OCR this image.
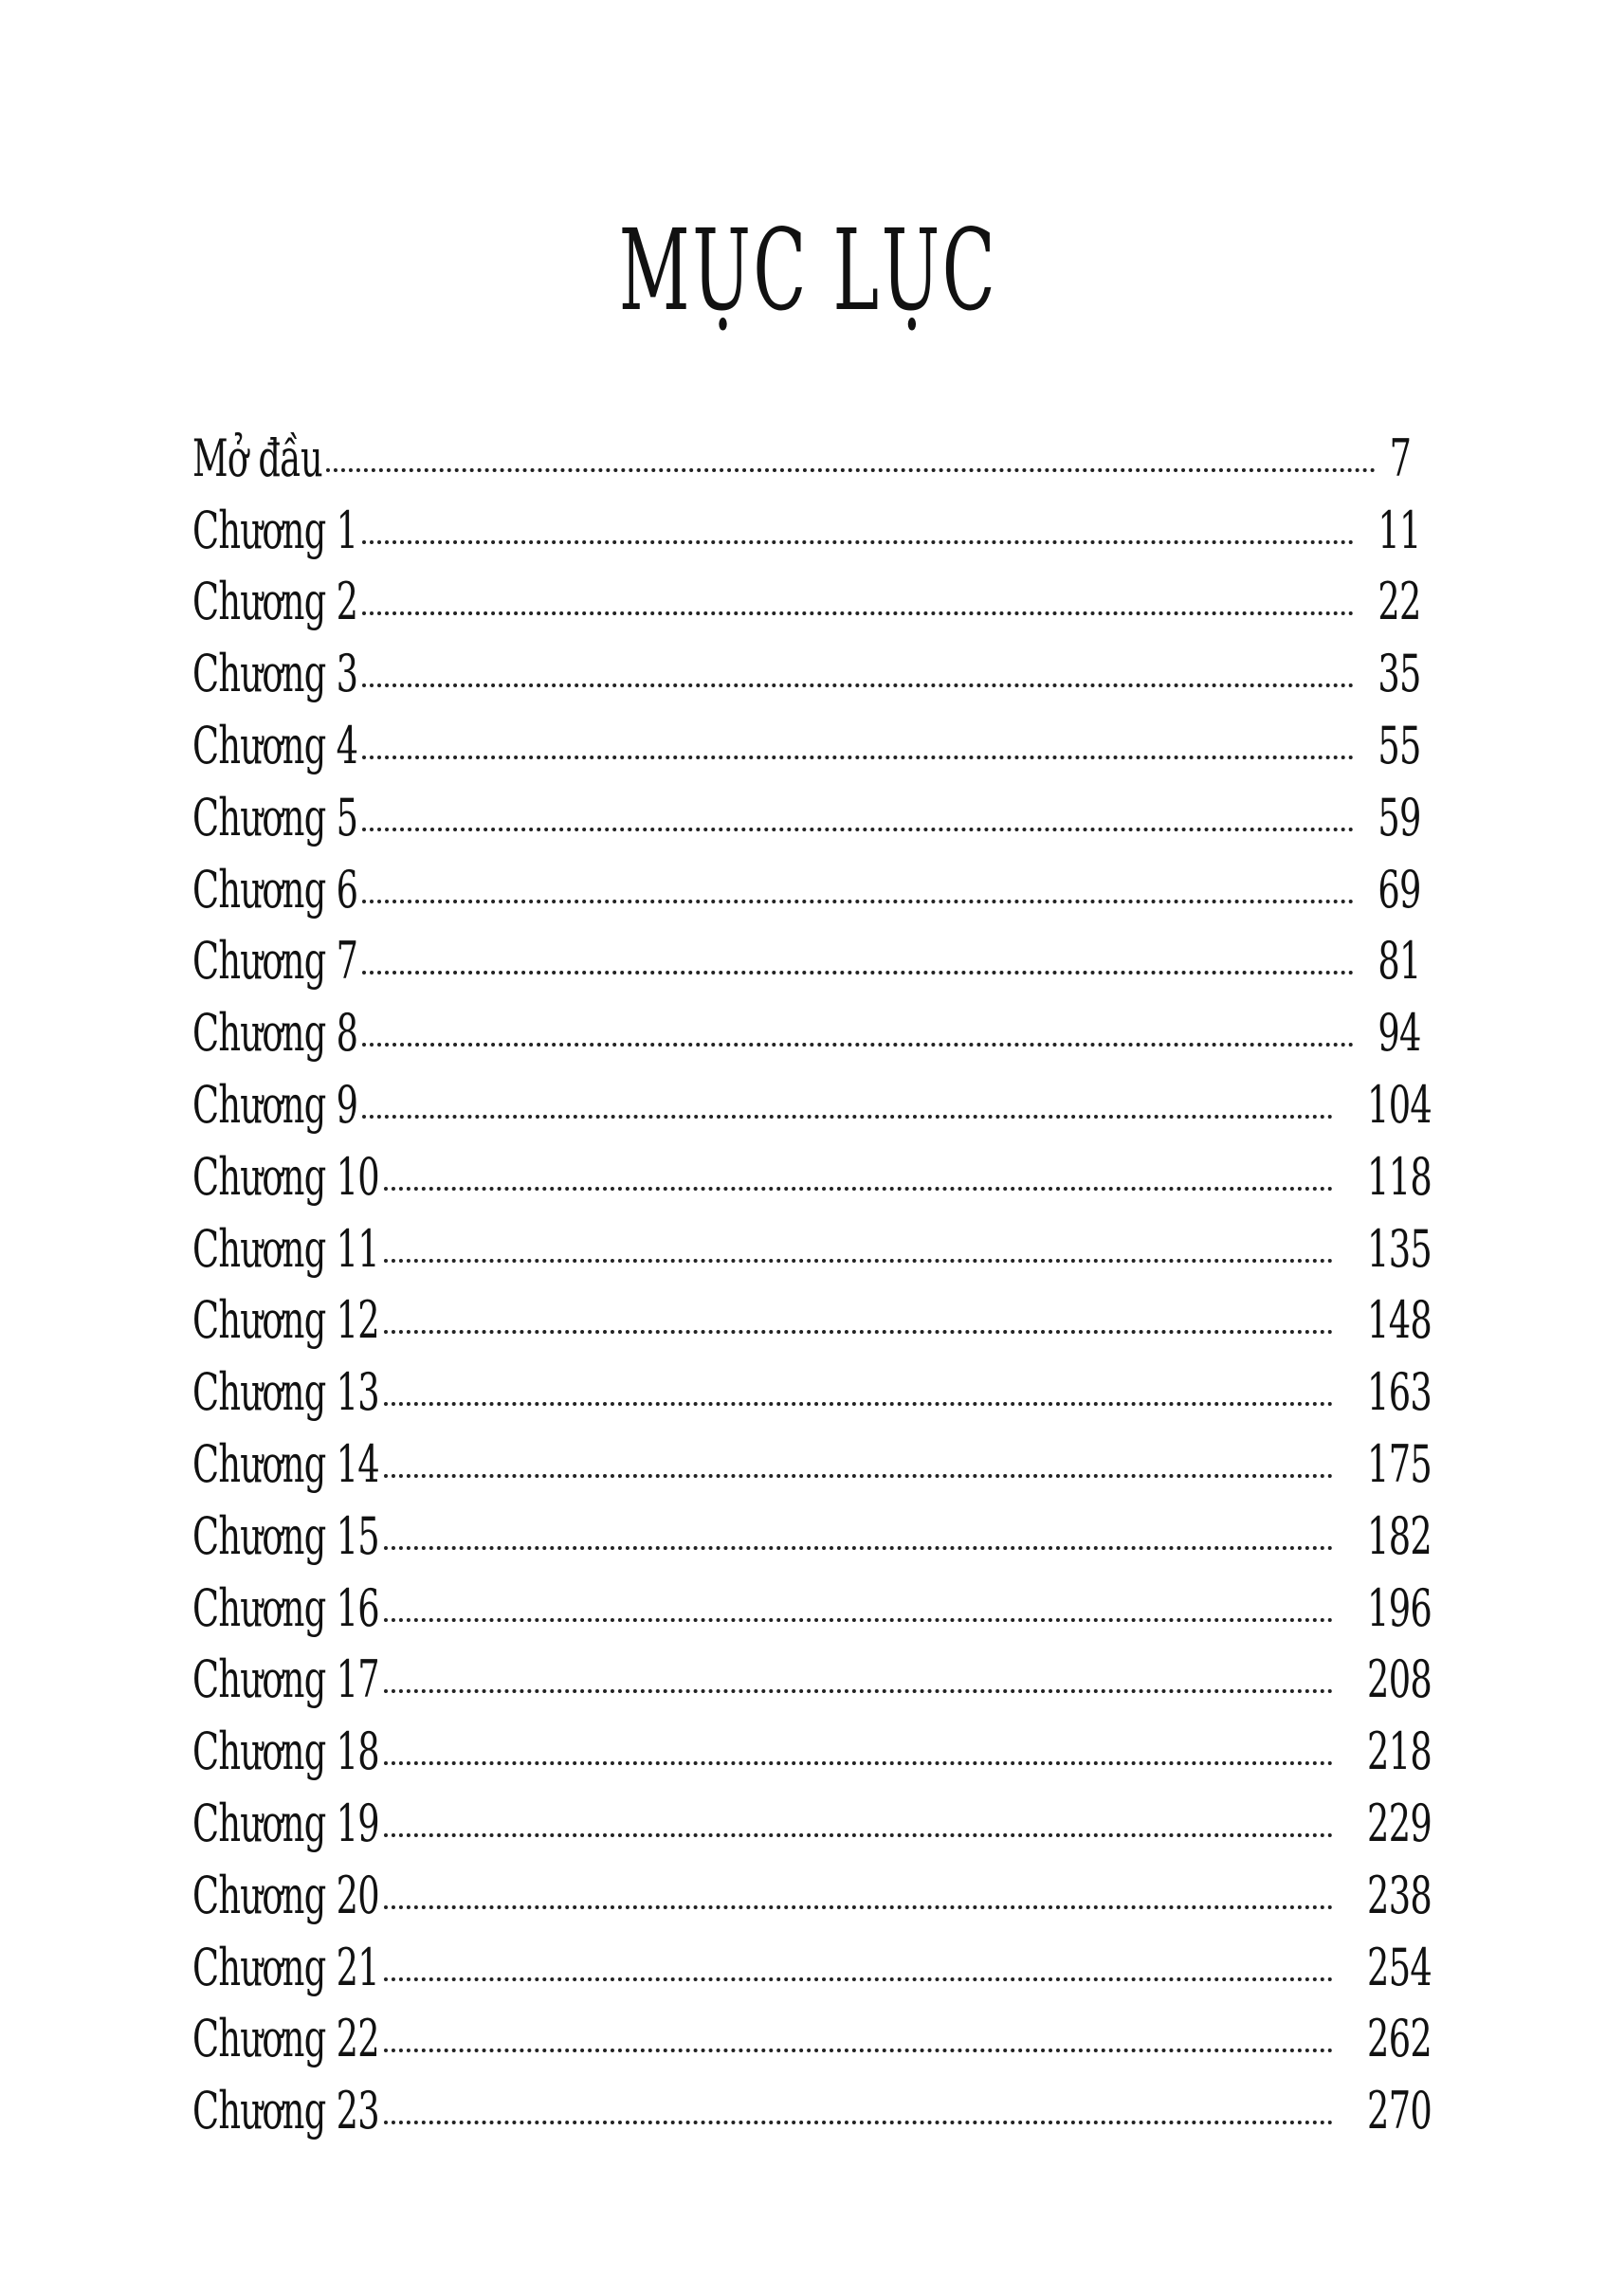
MỤC LỤC
Mở đầu	7
Chương 1	11
Chương 2	22
Chương 3	35
Chương 4	55
Chương 5	59
Chương 6	69
Chương 7	81
Chương 8	94
Chương 9	104
Chương 10	118
Chương 11	135
Chương 12	148
Chương 13	163
Chương 14	175
Chương 15	182
Chương 16	196
Chương 17	208
Chương 18	218
Chương 19	229
Chương 20	238
Chương 21	254
Chương 22	262
Chương 23	270
